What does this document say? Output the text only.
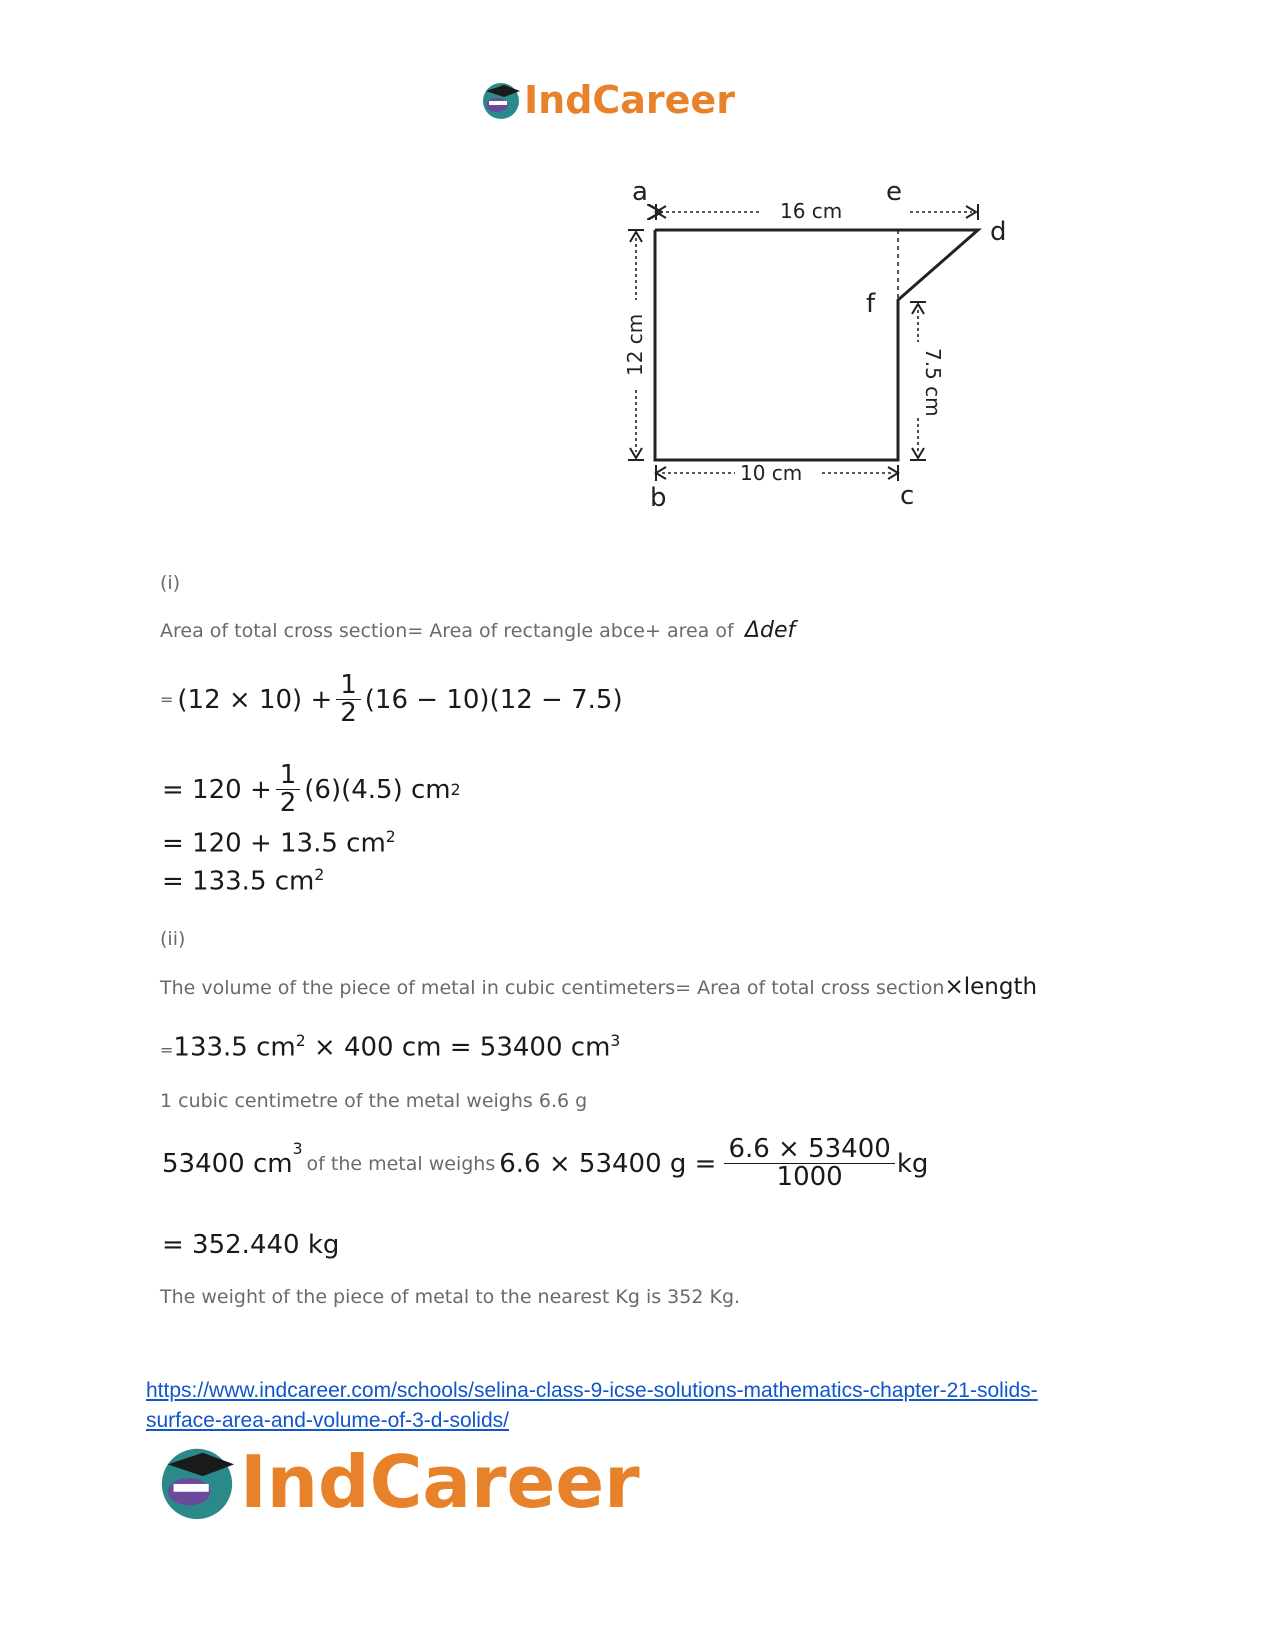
IndCareer
a	e
d
f
b	c
16 cm
10 cm
12 cm
7.5 cm
(i)
Area of total cross section= Area of rectangle abce+ area of Δdef
= $(12 \times 10) + \frac{1}{2} (16 - 10)(12 - 7.5)$
= $120 + \frac{1}{2} (6)(4.5)$ cm 2
= 120 + 13.5 $cm^2$
= 133.5 $cm^2$
(ii)
The volume of the piece of metal in cubic centimeters= Area of total cross section×length
=133.5 $cm^2 \times 400$ cm = 53400 $cm^3$
1 cubic centimetre of the metal weighs 6.6 g
53400 $cm^3$
of the metal weighs 6.6 × 53400 $g = \frac{6.6 \times 53400}{1000}$ kg
= 352.440 kg
The weight of the piece of metal to the nearest Kg is 352 Kg.
https://www.indcareer.com/schools/selina-class-9-icse-solutions-mathematics-chapter-21-solids-
surface-area-and-volume-of-3-d-solids/
IndCareer
